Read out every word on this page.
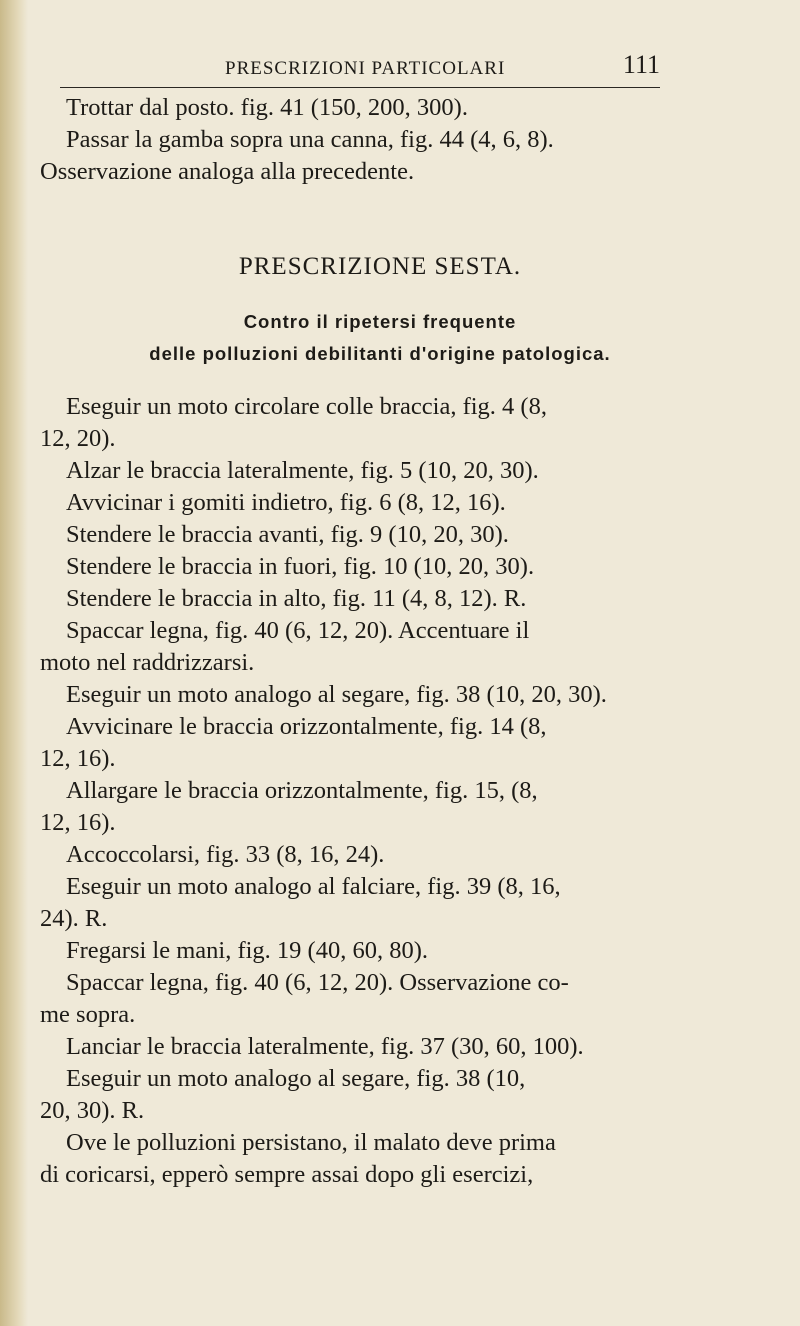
PRESCRIZIONI PARTICOLARI	111
Trottar dal posto. fig. 41 (150, 200, 300).
Passar la gamba sopra una canna, fig. 44 (4, 6, 8).
Osservazione analoga alla precedente.
PRESCRIZIONE SESTA.
Contro il ripetersi frequente
delle polluzioni debilitanti d'origine patologica.
Eseguir un moto circolare colle braccia, fig. 4 (8,
12, 20).
Alzar le braccia lateralmente, fig. 5 (10, 20, 30).
Avvicinar i gomiti indietro, fig. 6 (8, 12, 16).
Stendere le braccia avanti, fig. 9 (10, 20, 30).
Stendere le braccia in fuori, fig. 10 (10, 20, 30).
Stendere le braccia in alto, fig. 11 (4, 8, 12). R.
Spaccar legna, fig. 40 (6, 12, 20). Accentuare il
moto nel raddrizzarsi.
Eseguir un moto analogo al segare, fig. 38 (10, 20, 30).
Avvicinare le braccia orizzontalmente, fig. 14 (8,
12, 16).
Allargare le braccia orizzontalmente, fig. 15, (8,
12, 16).
Accoccolarsi, fig. 33 (8, 16, 24).
Eseguir un moto analogo al falciare, fig. 39 (8, 16,
24). R.
Fregarsi le mani, fig. 19 (40, 60, 80).
Spaccar legna, fig. 40 (6, 12, 20). Osservazione co-
me sopra.
Lanciar le braccia lateralmente, fig. 37 (30, 60, 100).
Eseguir un moto analogo al segare, fig. 38 (10,
20, 30). R.
Ove le polluzioni persistano, il malato deve prima
di coricarsi, epperò sempre assai dopo gli esercizi,
